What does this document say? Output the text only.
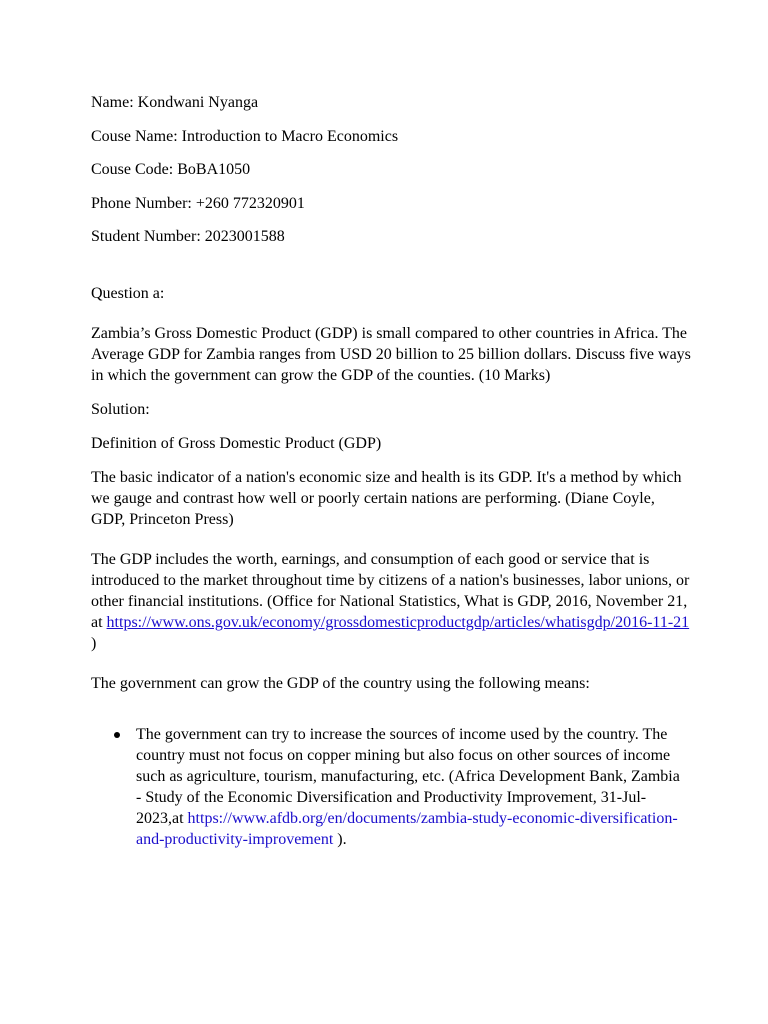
Name: Kondwani Nyanga

Couse Name: Introduction to Macro Economics

Couse Code: BoBA1050

Phone Number: +260 772320901

Student Number: 2023001588

Question a:

Zambia’s Gross Domestic Product (GDP) is small compared to other countries in Africa. The Average GDP for Zambia ranges from USD 20 billion to 25 billion dollars. Discuss five ways in which the government can grow the GDP of the counties. (10 Marks)

Solution:

Definition of Gross Domestic Product (GDP)

The basic indicator of a nation's economic size and health is its GDP. It's a method by which we gauge and contrast how well or poorly certain nations are performing. (Diane Coyle, GDP, Princeton Press)

The GDP includes the worth, earnings, and consumption of each good or service that is introduced to the market throughout time by citizens of a nation's businesses, labor unions, or other financial institutions. (Office for National Statistics, What is GDP, 2016, November 21, at https://www.ons.gov.uk/economy/grossdomesticproductgdp/articles/whatisgdp/2016-11-21 )

The government can grow the GDP of the country using the following means:

The government can try to increase the sources of income used by the country. The country must not focus on copper mining but also focus on other sources of income such as agriculture, tourism, manufacturing, etc. (Africa Development Bank, Zambia - Study of the Economic Diversification and Productivity Improvement, 31-Jul-2023,at https://www.afdb.org/en/documents/zambia-study-economic-diversification-and-productivity-improvement ).
